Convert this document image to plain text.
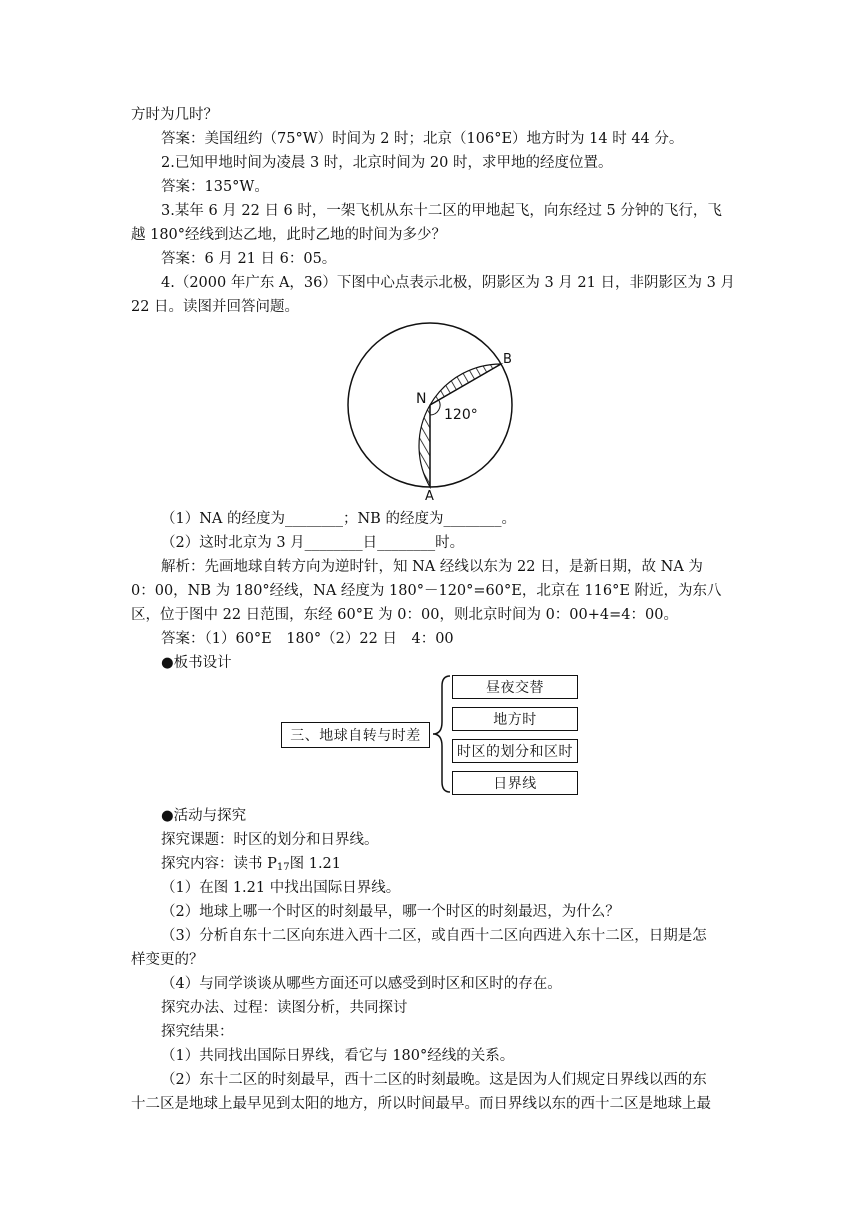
方时为几时？
答案：美国纽约（75°W）时间为 2 时；北京（106°E）地方时为 14 时 44 分。
2.已知甲地时间为凌晨 3 时，北京时间为 20 时，求甲地的经度位置。
答案：135°W。
3.某年 6 月 22 日 6 时，一架飞机从东十二区的甲地起飞，向东经过 5 分钟的飞行，飞
越 180°经线到达乙地，此时乙地的时间为多少？
答案：6 月 21 日 6：05。
4.（2000 年广东 A，36）下图中心点表示北极，阴影区为 3 月 21 日，非阴影区为 3 月
22 日。读图并回答问题。
N
A
B
120°
（1）NA 的经度为________；NB 的经度为________。
（2）这时北京为 3 月________日________时。
解析：先画地球自转方向为逆时针，知 NA 经线以东为 22 日，是新日期，故 NA 为
0：00，NB 为 180°经线，NA 经度为 180°－120°=60°E，北京在 116°E 附近，为东八
区，位于图中 22 日范围，东经 60°E 为 0：00，则北京时间为 0：00+4=4：00。
答案：（1）60°E　180°（2）22 日　4：00
●板书设计
三、地球自转与时差
昼夜交替
地方时
时区的划分和区时
日界线
●活动与探究
探究课题：时区的划分和日界线。
探究内容：读书 $P_{17}$图 1.21
（1）在图 1.21 中找出国际日界线。
（2）地球上哪一个时区的时刻最早，哪一个时区的时刻最迟，为什么？
（3）分析自东十二区向东进入西十二区，或自西十二区向西进入东十二区，日期是怎
样变更的？
（4）与同学谈谈从哪些方面还可以感受到时区和区时的存在。
探究办法、过程：读图分析，共同探讨
探究结果：
（1）共同找出国际日界线，看它与 180°经线的关系。
（2）东十二区的时刻最早，西十二区的时刻最晚。这是因为人们规定日界线以西的东
十二区是地球上最早见到太阳的地方，所以时间最早。而日界线以东的西十二区是地球上最
